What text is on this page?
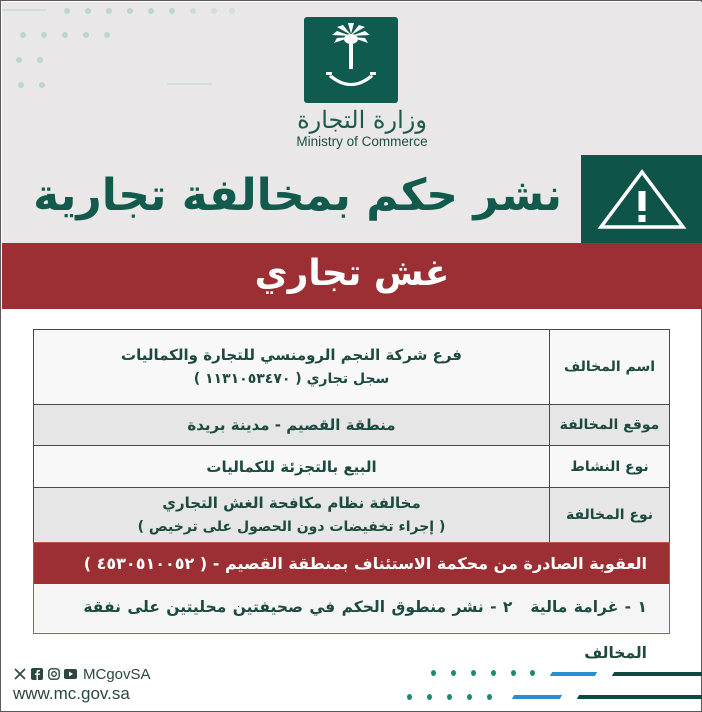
وزارة التجارة
Ministry of Commerce
نشر حكم بمخالفة تجارية
غش تجاري
اسم المخالف
فرع شركة النجم الرومنسي للتجارة والكماليات
سجل تجاري ( ١١٣١٠٥٣٤٧٠ )
موقع المخالفة
منطقة القصيم - مدينة بريدة
نوع النشاط
البيع بالتجزئة للكماليات
نوع المخالفة
مخالفة نظام مكافحة الغش التجاري
( إجراء تخفيضات دون الحصول على ترخيص )
العقوبة الصادرة من محكمة الاستئناف بمنطقة القصيم - ( ٤٥٣٠٥١٠٠٥٢ )
١ - غرامة مالية٢ - نشر منطوق الحكم في صحيفتين محليتين على نفقة المخالف
MCgovSA
www.mc.gov.sa
